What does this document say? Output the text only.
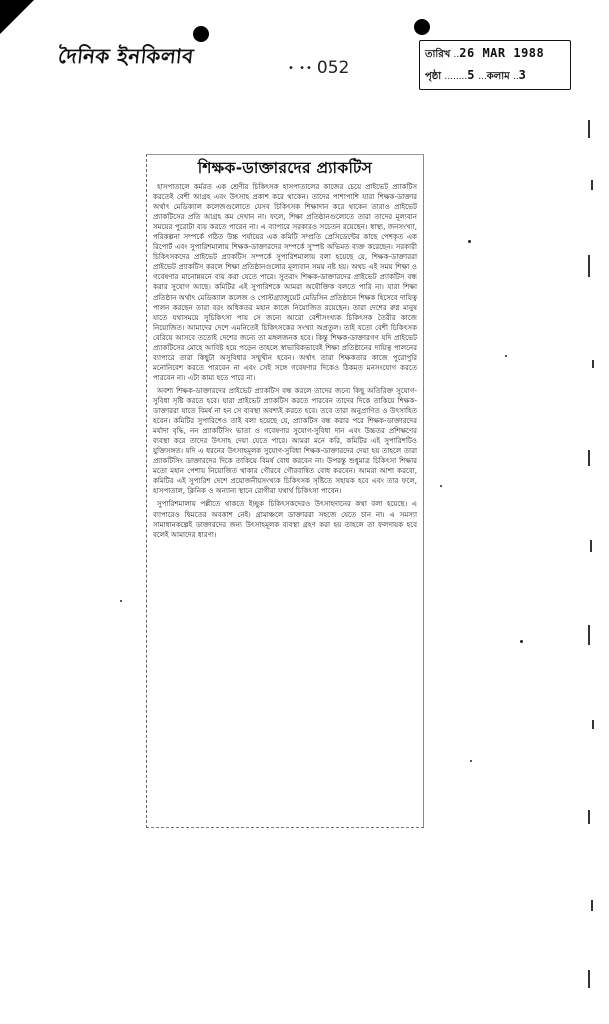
দৈনিক ইনকিলাব	• •• 052
তারিখ ..26 MAR 1988
পৃষ্ঠা ........5 ...কলাম ..3
শিক্ষক-ডাক্তারদের প্র্যাকটিস

হাসপাতালে কর্মরত এক শ্রেণীর চিকিৎসক হাসপাতালের কাজের চেয়ে প্রাইভেট প্র্যাকটিস করতেই বেশী আগ্রহ এবং উৎসাহ প্রকাশ করে থাকেন। তাদের পাশাপাশি যারা শিক্ষক-ডাক্তার অর্থাৎ মেডিক্যাল কলেজগুলোতে যেসব চিকিৎসক শিক্ষাদান করে থাকেন তারাও প্রাইভেট প্র্যাকটিসের প্রতি আগ্রহ কম দেখান না। ফলে, শিক্ষা প্রতিষ্ঠানগুলোতে তারা তাদের মূল্যবান সময়ের পুরোটা ব্যয় করতে পারেন না। এ ব্যাপারে সরকারও সচেতন রয়েছেন। স্বাস্থ্য, জনসংখ্যা, পরিকল্পনা সম্পর্কে গঠিত উচ্চ পর্যায়ের এক কমিটি সম্প্রতি প্রেসিডেন্টের কাছে পেশকৃত এক রিপোর্ট এবং সুপারিশমালায় শিক্ষক-ডাক্তারদের সম্পর্কে সুস্পষ্ট অভিমত ব্যক্ত করেছেন। সরকারী চিকিৎসকদের প্রাইভেট প্র্যাকটিস সম্পর্কে সুপারিশমালায় বলা হয়েছে যে, শিক্ষক-ডাক্তাররা প্রাইভেট প্র্যাকটিস করলে শিক্ষা প্রতিষ্ঠানগুলোর মূল্যবান সময় নষ্ট হয়। অথচ এই সময় শিক্ষা ও গবেষণার মানোন্নয়নে ব্যয় করা যেতে পারে। সুতরাং শিক্ষক-ডাক্তারদের প্রাইভেট প্র্যাকটিস বন্ধ করার সুযোগ আছে। কমিটির এই সুপারিশকে আমরা অযৌক্তিক বলতে পারি না। যারা শিক্ষা প্রতিষ্ঠান অর্থাৎ মেডিক্যাল কলেজ ও পোস্টগ্র্যাজুয়েট মেডিসিন প্রতিষ্ঠানে শিক্ষক হিসেবে দায়িত্ব পালন করছেন তারা বরং অধিকতর মহান কাজে নিয়োজিত রয়েছেন। তারা দেশের রুগ্ন মানুষ যাতে যথাসময়ে সুচিকিৎসা পায় সে জন্যে আরো বেশীসংখ্যক চিকিৎসক তৈরীর কাজে নিয়োজিত। আমাদের দেশে এমনিতেই চিকিৎসকের সংখ্যা অপ্রতুল। তাই যতো বেশী চিকিৎসক বেরিয়ে আসবে ততোই দেশের জন্যে তা মঙ্গলজনক হবে। কিন্তু শিক্ষক-ডাক্তারগণ যদি প্রাইভেট প্র্যাকটিসের মোহে আবিষ্ট হয়ে পড়েন তাহলে স্বাভাবিকভাবেই শিক্ষা প্রতিষ্ঠানের দায়িত্ব পালনের ব্যাপারে তারা কিছুটা অসুবিধার সম্মুখীন হবেন। অর্থাৎ তারা শিক্ষকতার কাজে পুরোপুরি মনোনিবেশ করতে পারবেন না এবং সেই সঙ্গে গবেষণার দিকেও ঠিকমত মনসংযোগ করতে পারবেন না। এটা কাম্য হতে পারে না।

অবশ্য শিক্ষক-ডাক্তারদের প্রাইভেট প্র্যাকটিস বন্ধ করলে তাদের জন্যে কিছু অতিরিক্ত সুযোগ-সুবিধা সৃষ্টি করতে হবে। যারা প্রাইভেট প্র্যাকটিস করতে পারবেন তাদের দিকে তাকিয়ে শিক্ষক-ডাক্তাররা যাতে বিমর্ষ না হন সে ব্যবস্থা অবশ্যই করতে হবে। তবে তারা অনুপ্রাণিত ও উৎসাহিত হবেন। কমিটির সুপারিশেও তাই বলা হয়েছে যে, প্র্যাকটিস বন্ধ করার পরে শিক্ষক-ডাক্তারদের মর্যাদা বৃদ্ধি, নন প্র্যাকটিসিং ভাতা ও গবেষণার সুযোগ-সুবিধা দান এবং উচ্চতর প্রশিক্ষণের ব্যবস্থা করে তাদের উৎসাহ দেয়া যেতে পারে। আমরা মনে করি, কমিটির এই সুপারিশটিও যুক্তিসঙ্গত। যদি এ ধরনের উৎসাহমূলক সুযোগ-সুবিধা শিক্ষক-ডাক্তারদের দেয়া হয় তাহলে তারা প্র্যাকটিসিং ডাক্তারদের দিকে তাকিয়ে বিমর্ষ বোধ করবেন না। উপরন্তু শুধুমাত্র চিকিৎসা শিক্ষার মতো মহান পেশায় নিয়োজিত থাকার গৌরবে গৌরবান্বিত বোধ করবেন। আমরা আশা করবো, কমিটির এই সুপারিশ দেশে প্রয়োজনীয়সংখ্যক চিকিৎসক সৃষ্টিতে সহায়ক হবে এবং তার ফলে, হাসপাতাল, ক্লিনিক ও অন্যান্য স্থানে রোগীরা যথার্থ চিকিৎসা পাবেন।

সুপারিশমালায় পল্লীতে থাকতে ইচ্ছুক চিকিৎসকদেরও উৎসাহদানের কথা বলা হয়েছে। এ ব্যাপারেও দ্বিমতের অবকাশ নেই। গ্রামাঞ্চলে ডাক্তাররা সহজে যেতে চান না। এ সমস্যা সামাধানকল্পেই ডাক্তারদের জন্য উৎসাহমূলক ব্যবস্থা গ্রহণ করা হয় তাহলে তা ফলদায়ক হবে বলেই আমাদের ধারণা।
